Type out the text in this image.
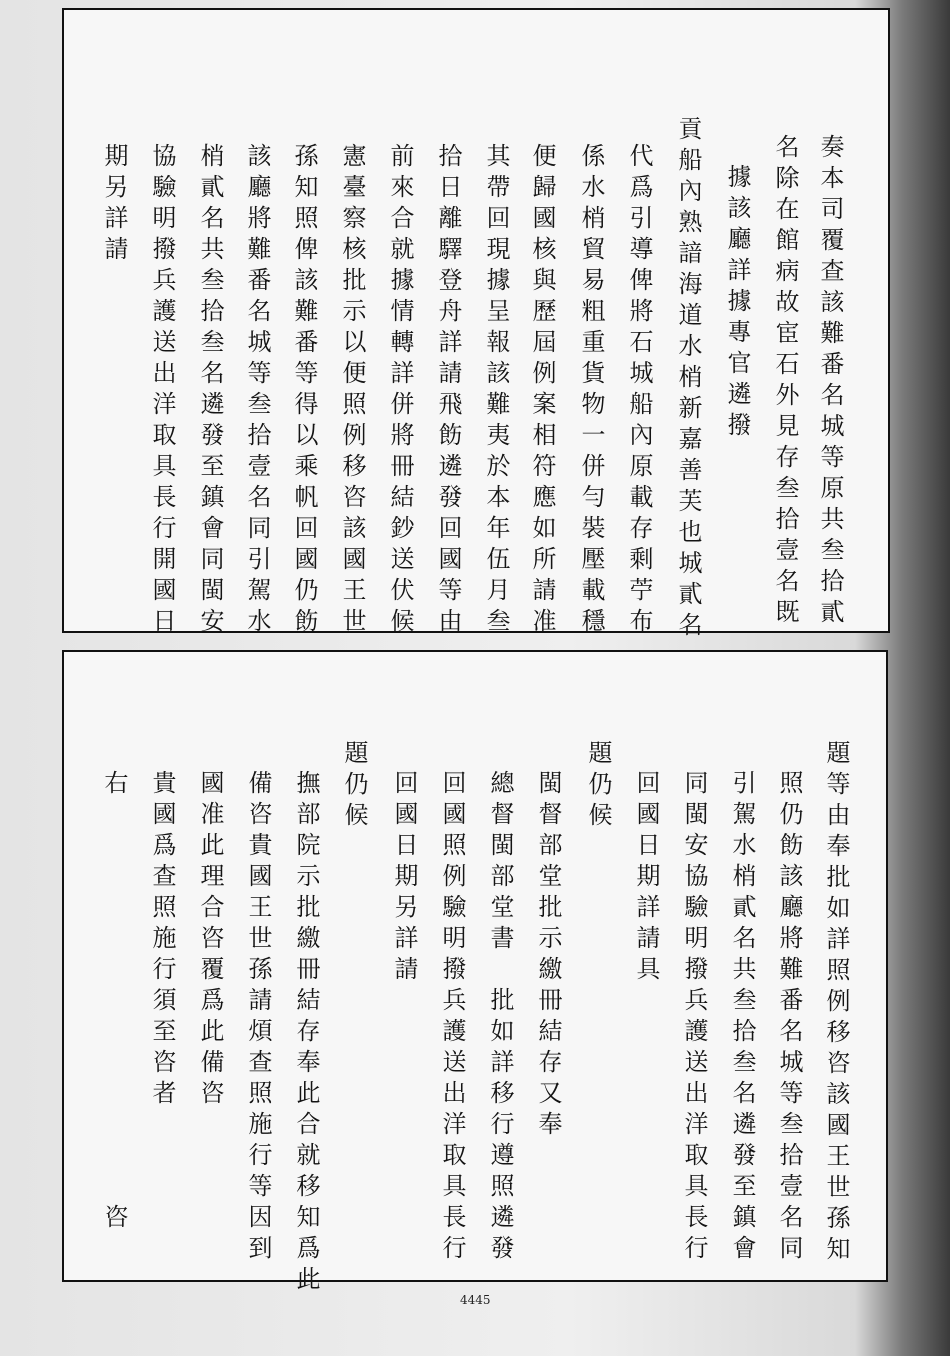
奏本司覆查該難番名城等原共叁拾貳
名除在館病故宦石外見存叁拾壹名既
據該廳詳據專官遴撥
貢船內熟諳海道水梢新嘉善芙也城貳名
代爲引導俾將石城船內原載存剩苧布
係水梢貿易粗重貨物一併勻裝壓載穩
便歸國核與歷屆例案相符應如所請准
其帶回現據呈報該難夷於本年伍月叁
拾日離驛登舟詳請飛飭遴發回國等由
前來合就據情轉詳併將冊結鈔送伏候
憲臺察核批示以便照例移咨該國王世
孫知照俾該難番等得以乘帆回國仍飭
該廳將難番名城等叁拾壹名同引駕水
梢貳名共叁拾叁名遴發至鎮會同閩安
協驗明撥兵護送出洋取具長行開國日
期另詳請
題等由奉批如詳照例移咨該國王世孫知
照仍飭該廳將難番名城等叁拾壹名同
引駕水梢貳名共叁拾叁名遴發至鎮會
同閩安協驗明撥兵護送出洋取具長行
回國日期詳請具
題仍候
閩督部堂批示繳冊結存又奉
總督閩部堂書　批如詳移行遵照遴發
回國照例驗明撥兵護送出洋取具長行
回國日期另詳請
題仍候
撫部院示批繳冊結存奉此合就移知爲此
備咨貴國王世孫請煩查照施行等因到
國准此理合咨覆爲此備咨
貴國爲查照施行須至咨者
右　　　　　　　　　　　　　咨
4445
